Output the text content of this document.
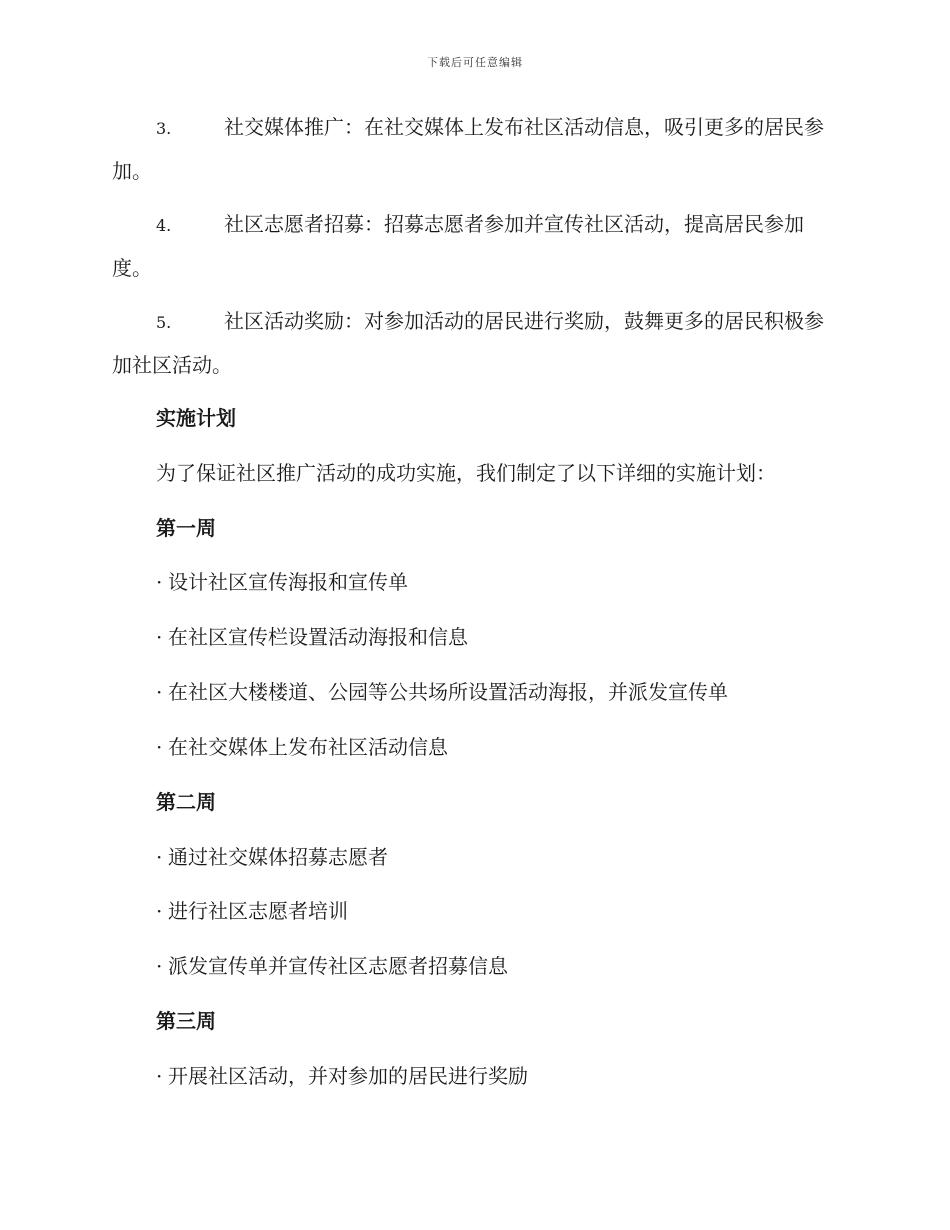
下载后可任意编辑
3.	社交媒体推广：在社交媒体上发布社区活动信息，吸引更多的居民参加。
4.	社区志愿者招募：招募志愿者参加并宣传社区活动，提高居民参加度。
5.	社区活动奖励：对参加活动的居民进行奖励，鼓舞更多的居民积极参加社区活动。
实施计划
为了保证社区推广活动的成功实施，我们制定了以下详细的实施计划：
第一周
· 设计社区宣传海报和宣传单
· 在社区宣传栏设置活动海报和信息
· 在社区大楼楼道、公园等公共场所设置活动海报，并派发宣传单
· 在社交媒体上发布社区活动信息
第二周
· 通过社交媒体招募志愿者
· 进行社区志愿者培训
· 派发宣传单并宣传社区志愿者招募信息
第三周
· 开展社区活动，并对参加的居民进行奖励
